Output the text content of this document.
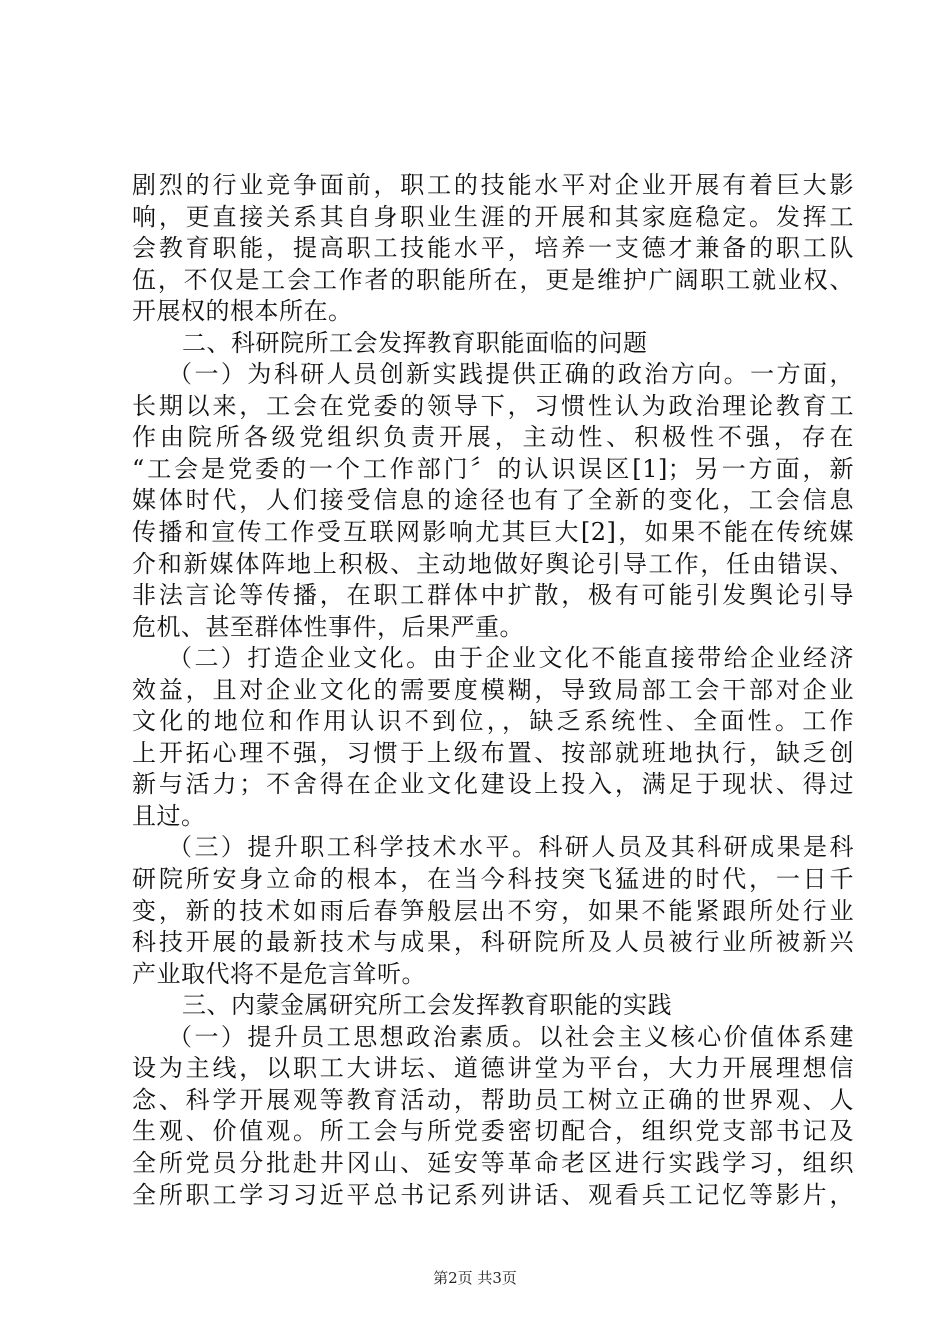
剧烈的行业竞争面前，职工的技能水平对企业开展有着巨大影
响，更直接关系其自身职业生涯的开展和其家庭稳定。发挥工
会教育职能，提高职工技能水平，培养一支德才兼备的职工队
伍，不仅是工会工作者的职能所在，更是维护广阔职工就业权、
开展权的根本所在。
二、科研院所工会发挥教育职能面临的问题
（一）为科研人员创新实践提供正确的政治方向。一方面，
长期以来，工会在党委的领导下，习惯性认为政治理论教育工
作由院所各级党组织负责开展，主动性、积极性不强，存在
“工会是党委的一个工作部门〞的认识误区[1]；另一方面，新
媒体时代，人们接受信息的途径也有了全新的变化，工会信息
传播和宣传工作受互联网影响尤其巨大[2]，如果不能在传统媒
介和新媒体阵地上积极、主动地做好舆论引导工作，任由错误、
非法言论等传播，在职工群体中扩散，极有可能引发舆论引导
危机、甚至群体性事件，后果严重。
（二）打造企业文化。由于企业文化不能直接带给企业经济
效益，且对企业文化的需要度模糊，导致局部工会干部对企业
文化的地位和作用认识不到位，，缺乏系统性、全面性。工作
上开拓心理不强，习惯于上级布置、按部就班地执行，缺乏创
新与活力；不舍得在企业文化建设上投入，满足于现状、得过
且过。
（三）提升职工科学技术水平。科研人员及其科研成果是科
研院所安身立命的根本，在当今科技突飞猛进的时代，一日千
变，新的技术如雨后春笋般层出不穷，如果不能紧跟所处行业
科技开展的最新技术与成果，科研院所及人员被行业所被新兴
产业取代将不是危言耸听。
三、内蒙金属研究所工会发挥教育职能的实践
（一）提升员工思想政治素质。以社会主义核心价值体系建
设为主线，以职工大讲坛、道德讲堂为平台，大力开展理想信
念、科学开展观等教育活动，帮助员工树立正确的世界观、人
生观、价值观。所工会与所党委密切配合，组织党支部书记及
全所党员分批赴井冈山、延安等革命老区进行实践学习，组织
全所职工学习习近平总书记系列讲话、观看兵工记忆等影片，
第2页 共3页
